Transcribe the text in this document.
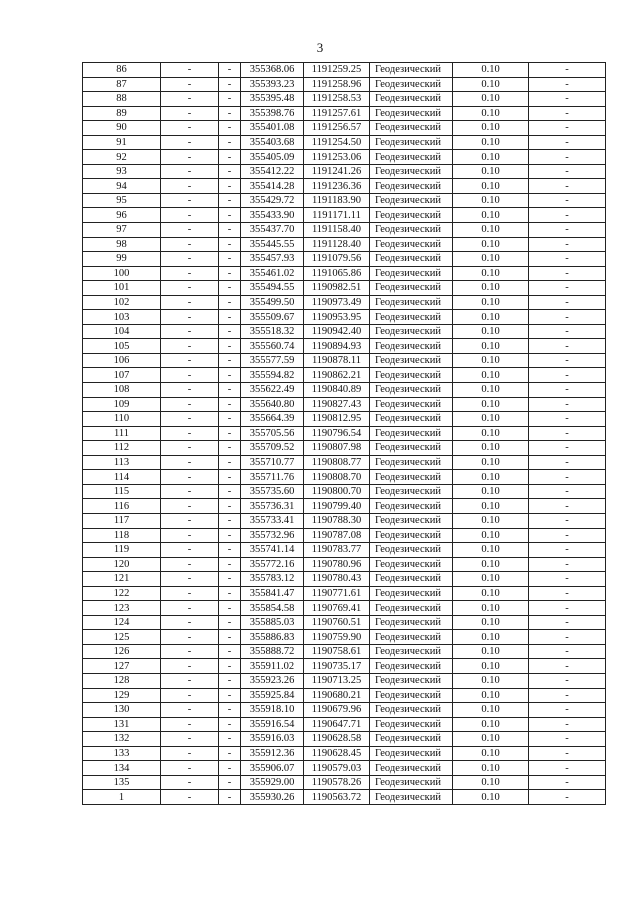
3
86	-	-	355368.06	1191259.25	Геодезический	0.10	-
87	-	-	355393.23	1191258.96	Геодезический	0.10	-
88	-	-	355395.48	1191258.53	Геодезический	0.10	-
89	-	-	355398.76	1191257.61	Геодезический	0.10	-
90	-	-	355401.08	1191256.57	Геодезический	0.10	-
91	-	-	355403.68	1191254.50	Геодезический	0.10	-
92	-	-	355405.09	1191253.06	Геодезический	0.10	-
93	-	-	355412.22	1191241.26	Геодезический	0.10	-
94	-	-	355414.28	1191236.36	Геодезический	0.10	-
95	-	-	355429.72	1191183.90	Геодезический	0.10	-
96	-	-	355433.90	1191171.11	Геодезический	0.10	-
97	-	-	355437.70	1191158.40	Геодезический	0.10	-
98	-	-	355445.55	1191128.40	Геодезический	0.10	-
99	-	-	355457.93	1191079.56	Геодезический	0.10	-
100	-	-	355461.02	1191065.86	Геодезический	0.10	-
101	-	-	355494.55	1190982.51	Геодезический	0.10	-
102	-	-	355499.50	1190973.49	Геодезический	0.10	-
103	-	-	355509.67	1190953.95	Геодезический	0.10	-
104	-	-	355518.32	1190942.40	Геодезический	0.10	-
105	-	-	355560.74	1190894.93	Геодезический	0.10	-
106	-	-	355577.59	1190878.11	Геодезический	0.10	-
107	-	-	355594.82	1190862.21	Геодезический	0.10	-
108	-	-	355622.49	1190840.89	Геодезический	0.10	-
109	-	-	355640.80	1190827.43	Геодезический	0.10	-
110	-	-	355664.39	1190812.95	Геодезический	0.10	-
111	-	-	355705.56	1190796.54	Геодезический	0.10	-
112	-	-	355709.52	1190807.98	Геодезический	0.10	-
113	-	-	355710.77	1190808.77	Геодезический	0.10	-
114	-	-	355711.76	1190808.70	Геодезический	0.10	-
115	-	-	355735.60	1190800.70	Геодезический	0.10	-
116	-	-	355736.31	1190799.40	Геодезический	0.10	-
117	-	-	355733.41	1190788.30	Геодезический	0.10	-
118	-	-	355732.96	1190787.08	Геодезический	0.10	-
119	-	-	355741.14	1190783.77	Геодезический	0.10	-
120	-	-	355772.16	1190780.96	Геодезический	0.10	-
121	-	-	355783.12	1190780.43	Геодезический	0.10	-
122	-	-	355841.47	1190771.61	Геодезический	0.10	-
123	-	-	355854.58	1190769.41	Геодезический	0.10	-
124	-	-	355885.03	1190760.51	Геодезический	0.10	-
125	-	-	355886.83	1190759.90	Геодезический	0.10	-
126	-	-	355888.72	1190758.61	Геодезический	0.10	-
127	-	-	355911.02	1190735.17	Геодезический	0.10	-
128	-	-	355923.26	1190713.25	Геодезический	0.10	-
129	-	-	355925.84	1190680.21	Геодезический	0.10	-
130	-	-	355918.10	1190679.96	Геодезический	0.10	-
131	-	-	355916.54	1190647.71	Геодезический	0.10	-
132	-	-	355916.03	1190628.58	Геодезический	0.10	-
133	-	-	355912.36	1190628.45	Геодезический	0.10	-
134	-	-	355906.07	1190579.03	Геодезический	0.10	-
135	-	-	355929.00	1190578.26	Геодезический	0.10	-
1	-	-	355930.26	1190563.72	Геодезический	0.10	-
